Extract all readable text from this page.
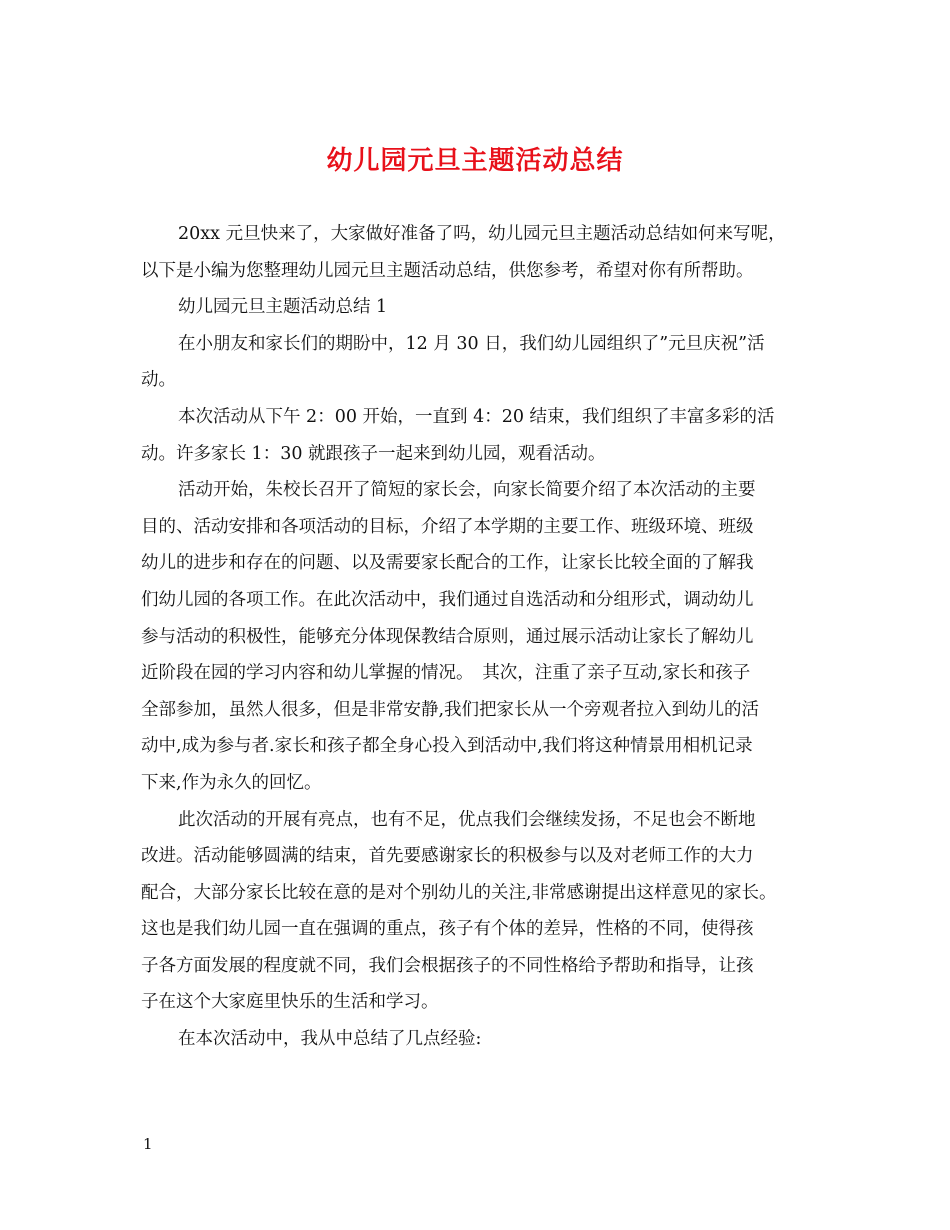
幼儿园元旦主题活动总结
20xx 元旦快来了，大家做好准备了吗，幼儿园元旦主题活动总结如何来写呢，
以下是小编为您整理幼儿园元旦主题活动总结，供您参考，希望对你有所帮助。
幼儿园元旦主题活动总结 1
在小朋友和家长们的期盼中，12 月 30 日，我们幼儿园组织了”元旦庆祝”活
动。
本次活动从下午 2：00 开始，一直到 4：20 结束，我们组织了丰富多彩的活
动。许多家长 1：30 就跟孩子一起来到幼儿园，观看活动。
活动开始，朱校长召开了简短的家长会，向家长简要介绍了本次活动的主要
目的、活动安排和各项活动的目标，介绍了本学期的主要工作、班级环境、班级
幼儿的进步和存在的问题、以及需要家长配合的工作，让家长比较全面的了解我
们幼儿园的各项工作。在此次活动中，我们通过自选活动和分组形式，调动幼儿
参与活动的积极性，能够充分体现保教结合原则，通过展示活动让家长了解幼儿
近阶段在园的学习内容和幼儿掌握的情况。　其次，注重了亲子互动,家长和孩子
全部参加，虽然人很多，但是非常安静,我们把家长从一个旁观者拉入到幼儿的活
动中,成为参与者.家长和孩子都全身心投入到活动中,我们将这种情景用相机记录
下来,作为永久的回忆。
此次活动的开展有亮点，也有不足，优点我们会继续发扬，不足也会不断地
改进。活动能够圆满的结束，首先要感谢家长的积极参与以及对老师工作的大力
配合，大部分家长比较在意的是对个别幼儿的关注,非常感谢提出这样意见的家长。
这也是我们幼儿园一直在强调的重点，孩子有个体的差异，性格的不同，使得孩
子各方面发展的程度就不同，我们会根据孩子的不同性格给予帮助和指导，让孩
子在这个大家庭里快乐的生活和学习。
在本次活动中，我从中总结了几点经验:
1
